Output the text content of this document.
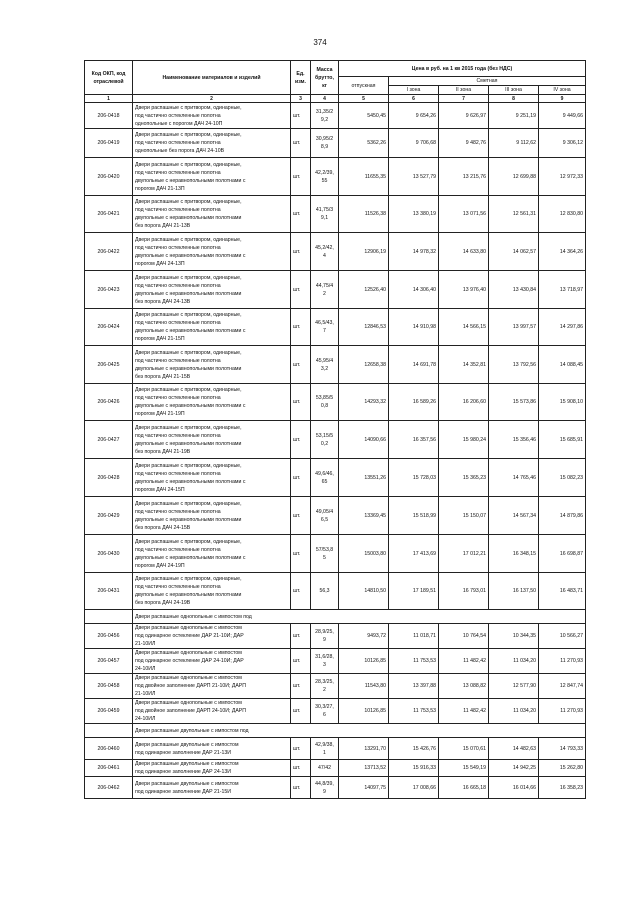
374
Код ОКП, код отраслевой	Наименование материалов и изделий	Ед. изм.	Масса брутто, кг	Цена в руб. на 1 кв 2015 года (без НДС)				
				отпускная	Сметная			
					I зона	II зона	III зона	IV зона
1	2	3	4	5	6	7	8	9
206-0418	Двери распашные с притвором, одинарные,
под частично остекленные полотна
однопольные с порогом ДАЧ 24-10П	шт.	31,35/2
9,2	5450,45	9 654,26	9 626,97	9 251,19	9 449,66
206-0419	Двери распашные с притвором, одинарные,
под частично остекленные полотна
однопольные без порога ДАЧ 24-10В	шт.	30,95/2
8,9	5362,26	9 706,68	9 482,76	9 112,62	9 306,12
206-0420	Двери распашные с притвором, одинарные,
под частично остекленные полотна
двупольные с неравнопольными полотнами с
порогом ДАЧ 21-13П	шт.	42,2/39,
55	11655,35	13 527,79	13 215,76	12 699,88	12 972,33
206-0421	Двери распашные с притвором, одинарные,
под частично остекленные полотна
двупольные с неравнопольными полотнами
без порога ДАЧ 21-13В	шт.	41,75/3
9,1	11526,38	13 380,19	13 071,56	12 561,31	12 830,80
206-0422	Двери распашные с притвором, одинарные,
под частично остекленные полотна
двупольные с неравнопольными полотнами с
порогом ДАЧ 24-13П	шт.	45,2/42,
4	12906,19	14 978,32	14 633,80	14 062,57	14 364,26
206-0423	Двери распашные с притвором, одинарные,
под частично остекленные полотна
двупольные с неравнопольными полотнами
без порога ДАЧ 24-13В	шт.	44,75/4
2	12526,40	14 306,40	13 976,40	13 430,84	13 718,97
206-0424	Двери распашные с притвором, одинарные,
под частично остекленные полотна
двупольные с неравнопольными полотнами с
порогом ДАЧ 21-15П	шт.	46,5/43,
7	12846,53	14 910,98	14 566,15	13 997,57	14 297,86
206-0425	Двери распашные с притвором, одинарные,
под частично остекленные полотна
двупольные с неравнопольными полотнами
без порога ДАЧ 21-15В	шт.	45,95/4
3,2	12658,38	14 691,78	14 352,81	13 792,56	14 088,45
206-0426	Двери распашные с притвором, одинарные,
под частично остекленные полотна
двупольные с неравнопольными полотнами с
порогом ДАЧ 21-19П	шт.	53,85/5
0,8	14293,32	16 589,26	16 206,60	15 573,86	15 908,10
206-0427	Двери распашные с притвором, одинарные,
под частично остекленные полотна
двупольные с неравнопольными полотнами
без порога ДАЧ 21-19В	шт.	53,15/5
0,2	14090,66	16 357,56	15 980,24	15 356,46	15 685,91
206-0428	Двери распашные с притвором, одинарные,
под частично остекленные полотна
двупольные с неравнопольными полотнами с
порогом ДАЧ 24-15П	шт.	49,6/46,
65	13551,26	15 728,03	15 365,23	14 765,46	15 082,23
206-0429	Двери распашные с притвором, одинарные,
под частично остекленные полотна
двупольные с неравнопольными полотнами
без порога ДАЧ 24-15В	шт.	49,05/4
6,5	13369,45	15 518,99	15 150,07	14 567,34	14 879,86
206-0430	Двери распашные с притвором, одинарные,
под частично остекленные полотна
двупольные с неравнопольными полотнами с
порогом ДАЧ 24-19П	шт.	57/53,8
5	15003,80	17 413,69	17 012,21	16 348,15	16 698,87
206-0431	Двери распашные с притвором, одинарные,
под частично остекленные полотна
двупольные с неравнопольными полотнами
без порога ДАЧ 24-19В	шт.	56,3	14810,50	17 189,51	16 793,01	16 137,50	16 483,71
	Двери распашные однопольные с импостом под							
206-0456	Двери распашные однопольные с импостом
под одинарное остекление ДАР 21-10И; ДАР
21-10ИЛ	шт.	28,9/25,
9	9493,72	11 018,71	10 764,54	10 344,35	10 566,27
206-0457	Двери распашные однопольные с импостом
под одинарное остекление ДАР 24-10И; ДАР
24-10ИЛ	шт.	31,6/28,
3	10126,85	11 753,53	11 482,42	11 034,20	11 270,93
206-0458	Двери распашные однопольные с импостом
под двойное заполнение ДАРП 21-10И; ДАРП
21-10ИЛ	шт.	28,3/25,
2	11543,80	13 397,88	13 088,82	12 577,90	12 847,74
206-0459	Двери распашные однопольные с импостом
под двойное заполнение ДАРП 24-10И; ДАРП
24-10ИЛ	шт.	30,3/27,
6	10126,85	11 753,53	11 482,42	11 034,20	11 270,93
	Двери распашные двупольные с импостом под							
206-0460	Двери распашные двупольные с импостом
под одинарное заполнение ДАР 21-13И	шт.	42,9/38,
1	13291,70	15 426,76	15 070,61	14 482,63	14 793,33
206-0461	Двери распашные двупольные с импостом
под одинарное заполнение ДАР 24-13И	шт.	47/42	13713,52	15 916,33	15 549,19	14 942,25	15 262,80
206-0462	Двери распашные двупольные с импостом
под одинарное заполнение ДАР 21-15И	шт.	44,8/39,
9	14097,75	17 008,66	16 665,18	16 014,66	16 358,23
